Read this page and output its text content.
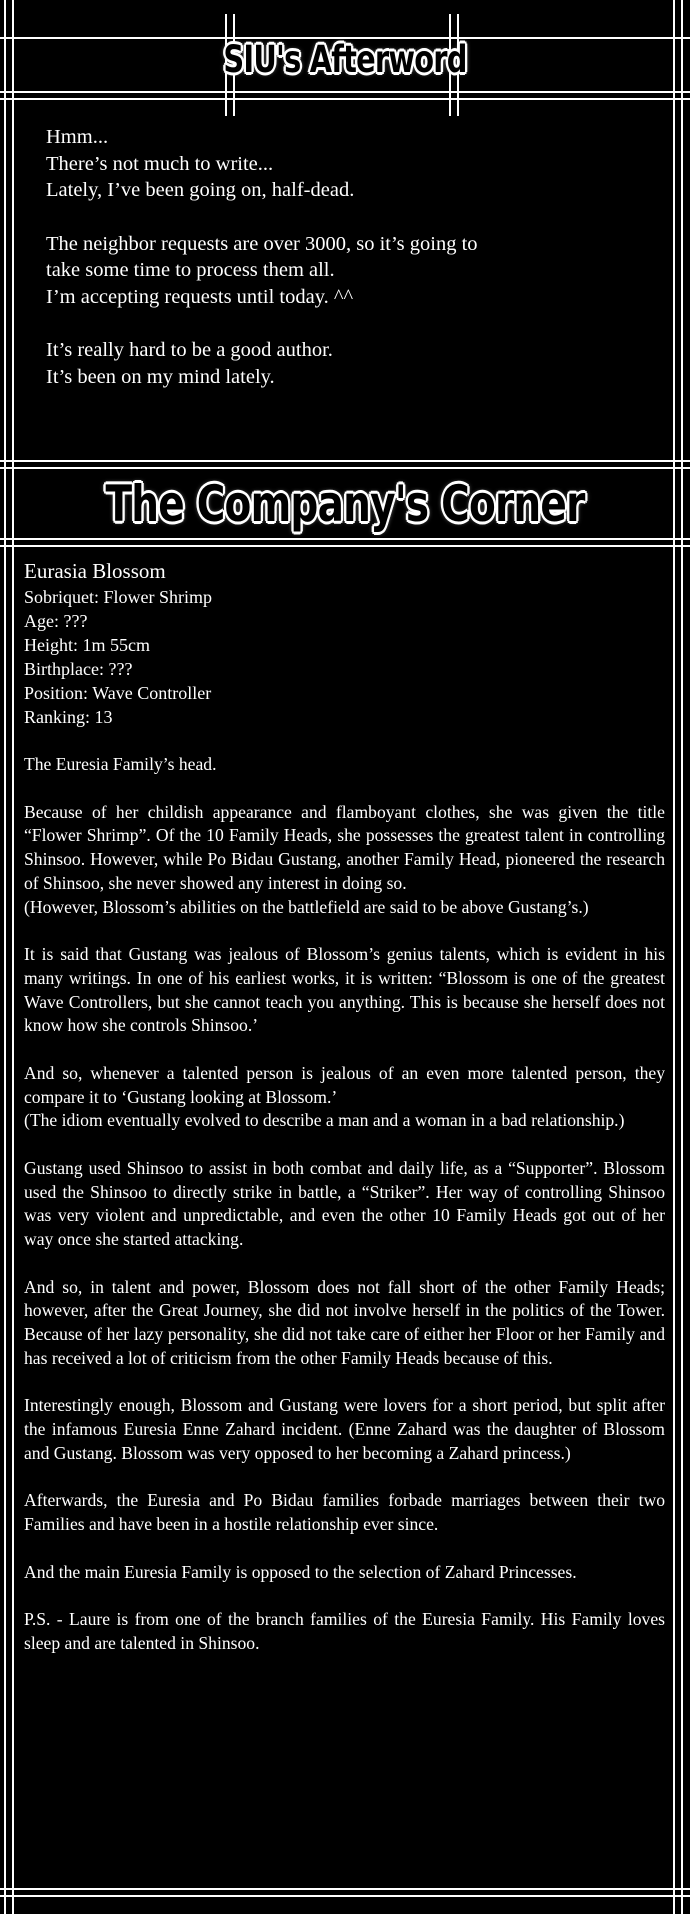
SIU's Afterword

Hmm...
There’s not much to write...
Lately, I’ve been going on, half-dead.

The neighbor requests are over 3000, so it’s going to
take some time to process them all.
I’m accepting requests until today. ^^

It’s really hard to be a good author.
It’s been on my mind lately.

The Company's Corner
Eurasia Blossom
Sobriquet: Flower Shrimp
Age: ???
Height: 1m 55cm
Birthplace: ???
Position: Wave Controller
Ranking: 13

The Euresia Family’s head.

Because of her childish appearance and flamboyant clothes, she was given the title “Flower Shrimp”. Of the 10 Family Heads, she possesses the greatest talent in controlling Shinsoo. However, while Po Bidau Gustang, another Family Head, pioneered the research of Shinsoo, she never showed any interest in doing so.
(However, Blossom’s abilities on the battlefield are said to be above Gustang’s.)

It is said that Gustang was jealous of Blossom’s genius talents, which is evident in his many writings. In one of his earliest works, it is written: “Blossom is one of the greatest Wave Controllers, but she cannot teach you anything. This is because she herself does not know how she controls Shinsoo.’

And so, whenever a talented person is jealous of an even more talented person, they compare it to ‘Gustang looking at Blossom.’
(The idiom eventually evolved to describe a man and a woman in a bad relationship.)

Gustang used Shinsoo to assist in both combat and daily life, as a “Supporter”. Blossom used the Shinsoo to directly strike in battle, a “Striker”. Her way of controlling Shinsoo was very violent and unpredictable, and even the other 10 Family Heads got out of her way once she started attacking.

And so, in talent and power, Blossom does not fall short of the other Family Heads; however, after the Great Journey, she did not involve herself in the politics of the Tower. Because of her lazy personality, she did not take care of either her Floor or her Family and has received a lot of criticism from the other Family Heads because of this.

Interestingly enough, Blossom and Gustang were lovers for a short period, but split after the infamous Euresia Enne Zahard incident. (Enne Zahard was the daughter of Blossom and Gustang. Blossom was very opposed to her becoming a Zahard princess.)

Afterwards, the Euresia and Po Bidau families forbade marriages between their two Families and have been in a hostile relationship ever since.

And the main Euresia Family is opposed to the selection of Zahard Princesses.

P.S. - Laure is from one of the branch families of the Euresia Family. His Family loves sleep and are talented in Shinsoo.
